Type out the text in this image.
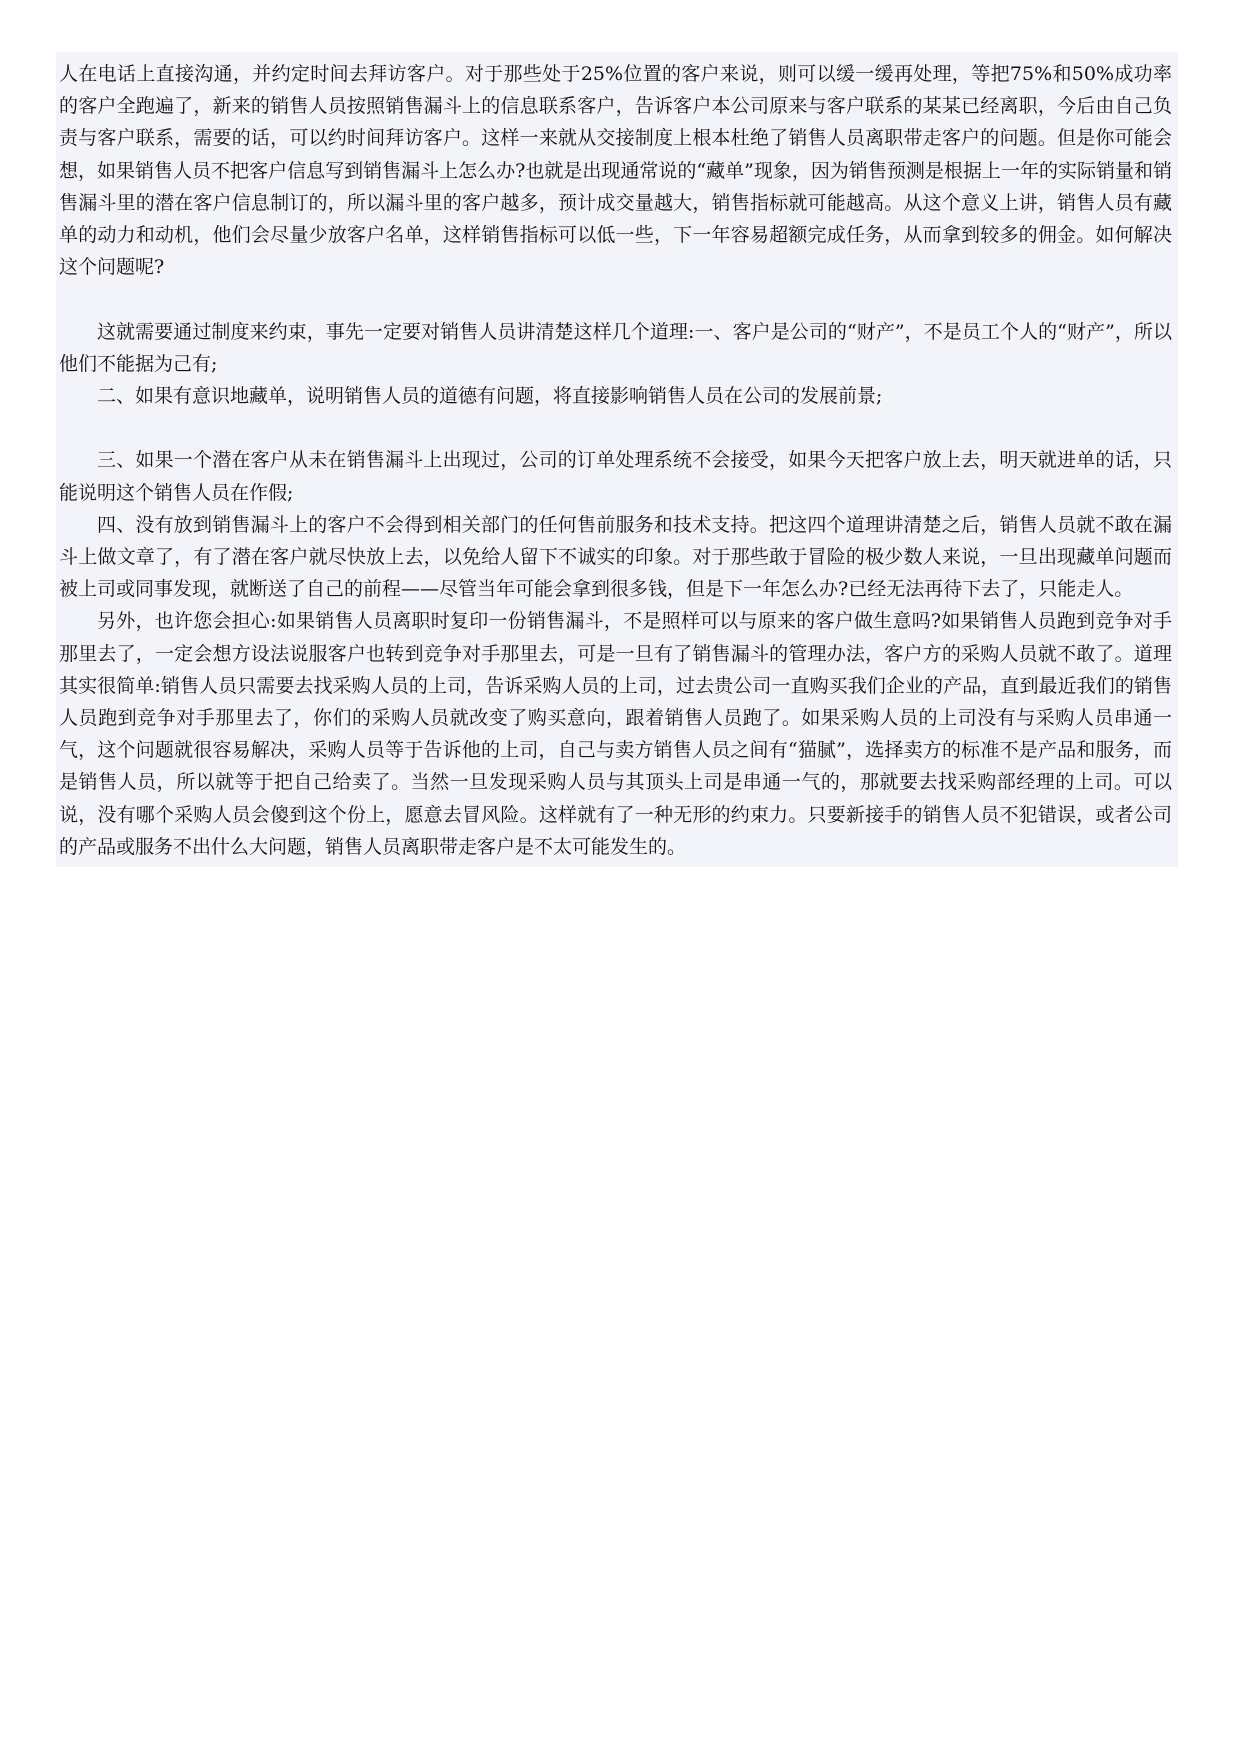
人在电话上直接沟通，并约定时间去拜访客户。对于那些处于25%位置的客户来说，则可以缓一缓再处理，等把75%和50%成功率的客户全跑遍了，新来的销售人员按照销售漏斗上的信息联系客户，告诉客户本公司原来与客户联系的某某已经离职，今后由自己负责与客户联系，需要的话，可以约时间拜访客户。这样一来就从交接制度上根本杜绝了销售人员离职带走客户的问题。但是你可能会想，如果销售人员不把客户信息写到销售漏斗上怎么办?也就是出现通常说的“藏单”现象，因为销售预测是根据上一年的实际销量和销售漏斗里的潜在客户信息制订的，所以漏斗里的客户越多，预计成交量越大，销售指标就可能越高。从这个意义上讲，销售人员有藏单的动力和动机，他们会尽量少放客户名单，这样销售指标可以低一些，下一年容易超额完成任务，从而拿到较多的佣金。如何解决这个问题呢?

这就需要通过制度来约束，事先一定要对销售人员讲清楚这样几个道理:一、客户是公司的“财产”，不是员工个人的“财产”，所以他们不能据为己有;

二、如果有意识地藏单，说明销售人员的道德有问题，将直接影响销售人员在公司的发展前景;

三、如果一个潜在客户从未在销售漏斗上出现过，公司的订单处理系统不会接受，如果今天把客户放上去，明天就进单的话，只能说明这个销售人员在作假;

四、没有放到销售漏斗上的客户不会得到相关部门的任何售前服务和技术支持。把这四个道理讲清楚之后，销售人员就不敢在漏斗上做文章了，有了潜在客户就尽快放上去，以免给人留下不诚实的印象。对于那些敢于冒险的极少数人来说，一旦出现藏单问题而被上司或同事发现，就断送了自己的前程——尽管当年可能会拿到很多钱，但是下一年怎么办?已经无法再待下去了，只能走人。

另外，也许您会担心:如果销售人员离职时复印一份销售漏斗，不是照样可以与原来的客户做生意吗?如果销售人员跑到竞争对手那里去了，一定会想方设法说服客户也转到竞争对手那里去，可是一旦有了销售漏斗的管理办法，客户方的采购人员就不敢了。道理其实很简单:销售人员只需要去找采购人员的上司，告诉采购人员的上司，过去贵公司一直购买我们企业的产品，直到最近我们的销售人员跑到竞争对手那里去了，你们的采购人员就改变了购买意向，跟着销售人员跑了。如果采购人员的上司没有与采购人员串通一气，这个问题就很容易解决，采购人员等于告诉他的上司，自己与卖方销售人员之间有“猫腻”，选择卖方的标准不是产品和服务，而是销售人员，所以就等于把自己给卖了。当然一旦发现采购人员与其顶头上司是串通一气的，那就要去找采购部经理的上司。可以说，没有哪个采购人员会傻到这个份上，愿意去冒风险。这样就有了一种无形的约束力。只要新接手的销售人员不犯错误，或者公司的产品或服务不出什么大问题，销售人员离职带走客户是不太可能发生的。
